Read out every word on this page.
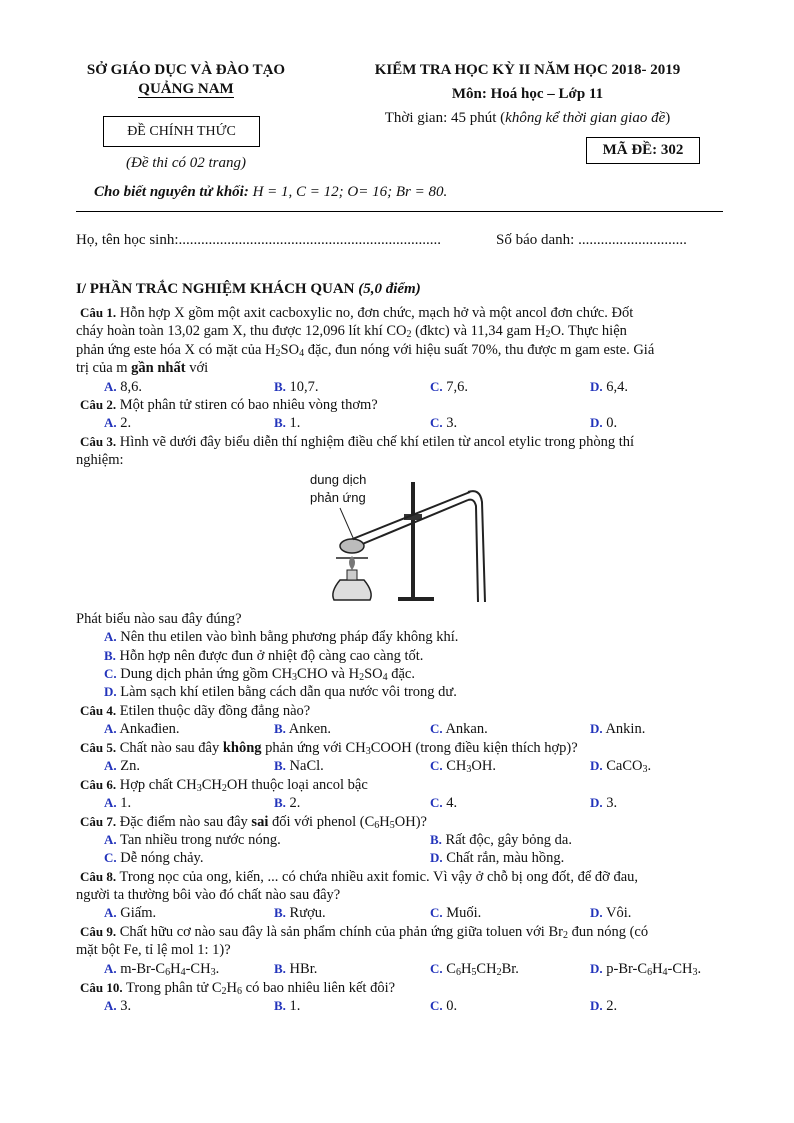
SỞ GIÁO DỤC VÀ ĐÀO TẠO
QUẢNG NAM
ĐỀ CHÍNH THỨC
(Đề thi có 02 trang)
KIỂM TRA HỌC KỲ II NĂM HỌC 2018- 2019
Môn: Hoá học – Lớp 11
Thời gian: 45 phút (không kể thời gian giao đề)
MÃ ĐỀ: 302
Cho biết nguyên tử khối: H = 1, C = 12; O= 16; Br = 80.
Họ, tên học sinh:......................................................................	Số báo danh: .............................
I/ PHẦN TRẮC NGHIỆM KHÁCH QUAN (5,0 điểm)
Câu 1. Hỗn hợp X gồm một axit cacboxylic no, đơn chức, mạch hở và một ancol đơn chức. Đốt
cháy hoàn toàn 13,02 gam X, thu được 12,096 lít khí $CO_2$ (đktc) và 11,34 gam $H_2O$. Thực hiện
phản ứng este hóa X có mặt của $H_2SO_4$ đặc, đun nóng với hiệu suất 70%, thu được m gam este. Giá
trị của m gần nhất với
A. 8,6.	B. 10,7.	C. 7,6.	D. 6,4.
Câu 2. Một phân tử stiren có bao nhiêu vòng thơm?
A. 2.	B. 1.	C. 3.	D. 0.
Câu 3. Hình vẽ dưới đây biểu diễn thí nghiệm điều chế khí etilen từ ancol etylic trong phòng thí
nghiệm:
dung dịch
phản ứng
Phát biểu nào sau đây đúng?
A. Nên thu etilen vào bình bằng phương pháp đẩy không khí.
B. Hỗn hợp nên được đun ở nhiệt độ càng cao càng tốt.
C. Dung dịch phản ứng gồm $CH_3CHO$ và $H_2SO_4$ đặc.
D. Làm sạch khí etilen bằng cách dẫn qua nước vôi trong dư.
Câu 4. Etilen thuộc dãy đồng đẳng nào?
A. Ankađien.	B. Anken.	C. Ankan.	D. Ankin.
Câu 5. Chất nào sau đây không phản ứng với $CH_3COOH$ (trong điều kiện thích hợp)?
A. Zn.	B. NaCl.	C. $CH_3OH$.	D. CaCO$_3$.
Câu 6. Hợp chất $CH_3CH_2OH$ thuộc loại ancol bậc
A. 1.	B. 2.	C. 4.	D. 3.
Câu 7. Đặc điểm nào sau đây sai đối với phenol $(C_6H_5OH)$?
A. Tan nhiều trong nước nóng.	B. Rất độc, gây bỏng da.
C. Dễ nóng chảy.	D. Chất rắn, màu hồng.
Câu 8. Trong nọc của ong, kiến, ... có chứa nhiều axit fomic. Vì vậy ở chỗ bị ong đốt, để đỡ đau,
người ta thường bôi vào đó chất nào sau đây?
A. Giấm.	B. Rượu.	C. Muối.	D. Vôi.
Câu 9. Chất hữu cơ nào sau đây là sản phẩm chính của phản ứng giữa toluen với $Br_2$ đun nóng (có
mặt bột Fe, tỉ lệ mol 1: 1)?
A. $m-Br-C_6H_4-CH_3$.	B. HBr.	C. $C_6H_5CH_2Br$.	D. $p-Br-C_6H_4-CH_3$.
Câu 10. Trong phân tử $C_2H_6$ có bao nhiêu liên kết đôi?
A. 3.	B. 1.	C. 0.	D. 2.
